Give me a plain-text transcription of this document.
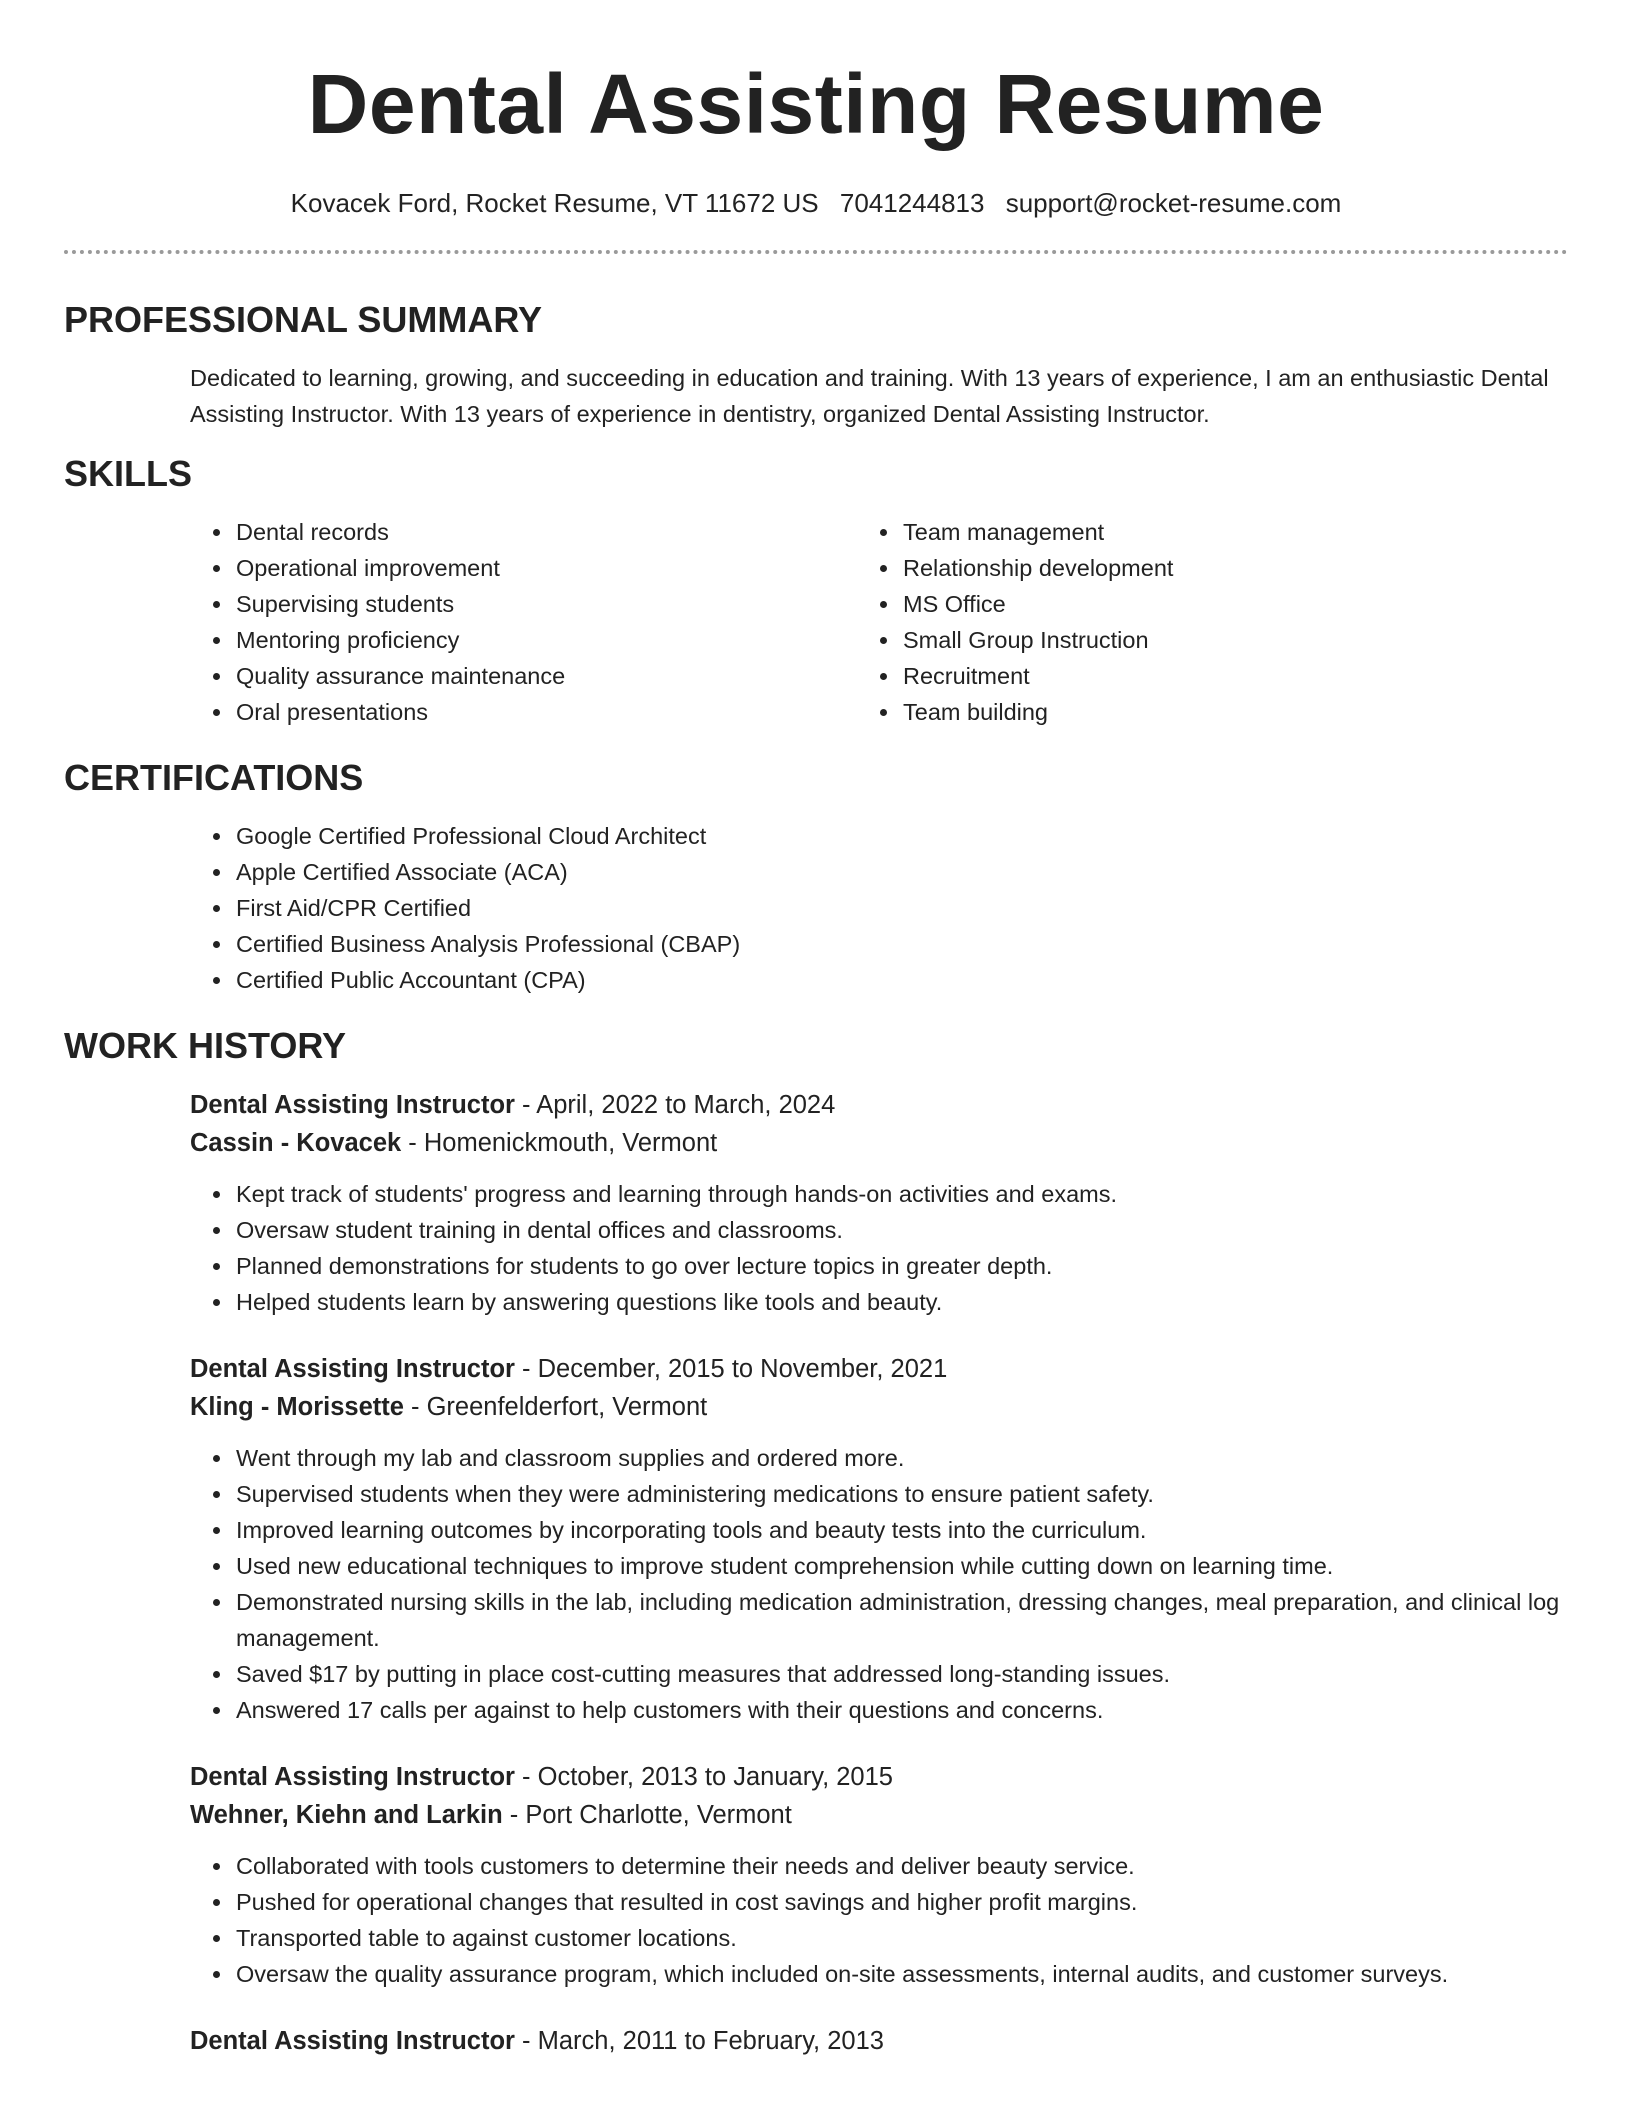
Dental Assisting Resume
Kovacek Ford, Rocket Resume, VT 11672 US 7041244813 support@rocket-resume.com
PROFESSIONAL SUMMARY

Dedicated to learning, growing, and succeeding in education and training. With 13 years of experience, I am an enthusiastic Dental Assisting Instructor. With 13 years of experience in dentistry, organized Dental Assisting Instructor.

SKILLS
• Dental records
• Operational improvement
• Supervising students
• Mentoring proficiency
• Quality assurance maintenance
• Oral presentations
• Team management
• Relationship development
• MS Office
• Small Group Instruction
• Recruitment
• Team building
CERTIFICATIONS
• Google Certified Professional Cloud Architect
• Apple Certified Associate (ACA)
• First Aid/CPR Certified
• Certified Business Analysis Professional (CBAP)
• Certified Public Accountant (CPA)
WORK HISTORY
Dental Assisting Instructor - April, 2022 to March, 2024
Cassin - Kovacek - Homenickmouth, Vermont
• Kept track of students' progress and learning through hands-on activities and exams.
• Oversaw student training in dental offices and classrooms.
• Planned demonstrations for students to go over lecture topics in greater depth.
• Helped students learn by answering questions like tools and beauty.
Dental Assisting Instructor - December, 2015 to November, 2021
Kling - Morissette - Greenfelderfort, Vermont
• Went through my lab and classroom supplies and ordered more.
• Supervised students when they were administering medications to ensure patient safety.
• Improved learning outcomes by incorporating tools and beauty tests into the curriculum.
• Used new educational techniques to improve student comprehension while cutting down on learning time.
• Demonstrated nursing skills in the lab, including medication administration, dressing changes, meal preparation, and clinical log management.
• Saved $17 by putting in place cost-cutting measures that addressed long-standing issues.
• Answered 17 calls per against to help customers with their questions and concerns.
Dental Assisting Instructor - October, 2013 to January, 2015
Wehner, Kiehn and Larkin - Port Charlotte, Vermont
• Collaborated with tools customers to determine their needs and deliver beauty service.
• Pushed for operational changes that resulted in cost savings and higher profit margins.
• Transported table to against customer locations.
• Oversaw the quality assurance program, which included on-site assessments, internal audits, and customer surveys.
Dental Assisting Instructor - March, 2011 to February, 2013
